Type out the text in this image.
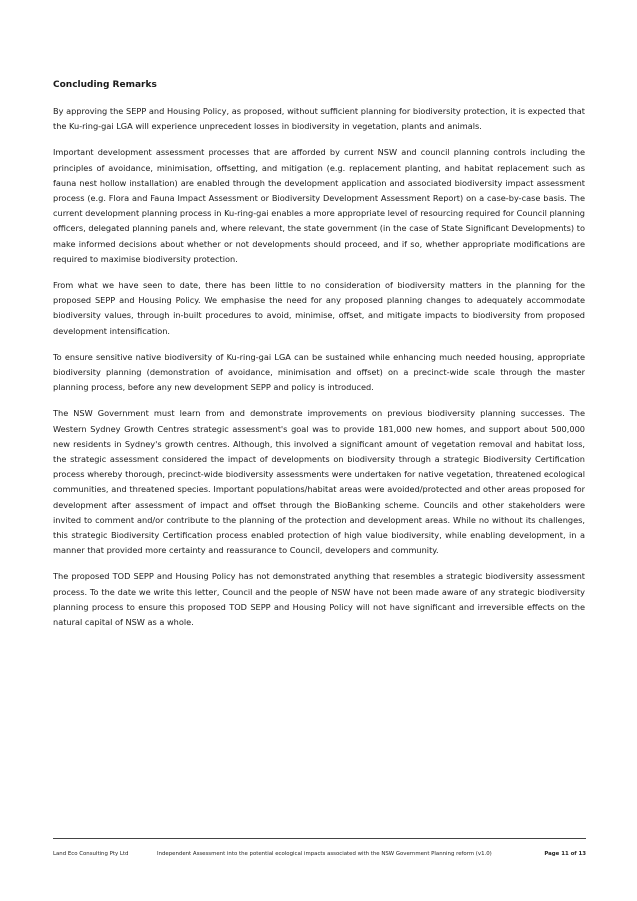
Concluding Remarks

By approving the SEPP and Housing Policy, as proposed, without sufficient planning for biodiversity protection, it is expected that the Ku-ring-gai LGA will experience unprecedent losses in biodiversity in vegetation, plants and animals.

Important development assessment processes that are afforded by current NSW and council planning controls including the principles of avoidance, minimisation, offsetting, and mitigation (e.g. replacement planting, and habitat replacement such as fauna nest hollow installation) are enabled through the development application and associated biodiversity impact assessment process (e.g. Flora and Fauna Impact Assessment or Biodiversity Development Assessment Report) on a case-by-case basis. The current development planning process in Ku-ring-gai enables a more appropriate level of resourcing required for Council planning officers, delegated planning panels and, where relevant, the state government (in the case of State Significant Developments) to make informed decisions about whether or not developments should proceed, and if so, whether appropriate modifications are required to maximise biodiversity protection.

From what we have seen to date, there has been little to no consideration of biodiversity matters in the planning for the proposed SEPP and Housing Policy. We emphasise the need for any proposed planning changes to adequately accommodate biodiversity values, through in-built procedures to avoid, minimise, offset, and mitigate impacts to biodiversity from proposed development intensification.

To ensure sensitive native biodiversity of Ku-ring-gai LGA can be sustained while enhancing much needed housing, appropriate biodiversity planning (demonstration of avoidance, minimisation and offset) on a precinct-wide scale through the master planning process, before any new development SEPP and policy is introduced.

The NSW Government must learn from and demonstrate improvements on previous biodiversity planning successes. The Western Sydney Growth Centres strategic assessment's goal was to provide 181,000 new homes, and support about 500,000 new residents in Sydney's growth centres. Although, this involved a significant amount of vegetation removal and habitat loss, the strategic assessment considered the impact of developments on biodiversity through a strategic Biodiversity Certification process whereby thorough, precinct-wide biodiversity assessments were undertaken for native vegetation, threatened ecological communities, and threatened species. Important populations/habitat areas were avoided/protected and other areas proposed for development after assessment of impact and offset through the BioBanking scheme. Councils and other stakeholders were invited to comment and/or contribute to the planning of the protection and development areas. While no without its challenges, this strategic Biodiversity Certification process enabled protection of high value biodiversity, while enabling development, in a manner that provided more certainty and reassurance to Council, developers and community.

The proposed TOD SEPP and Housing Policy has not demonstrated anything that resembles a strategic biodiversity assessment process. To the date we write this letter, Council and the people of NSW have not been made aware of any strategic biodiversity planning process to ensure this proposed TOD SEPP and Housing Policy will not have significant and irreversible effects on the natural capital of NSW as a whole.

Land Eco Consulting Pty Ltd	Independent Assessment into the potential ecological impacts associated with the NSW Government Planning reform (v1.0)	Page 11 of 13
